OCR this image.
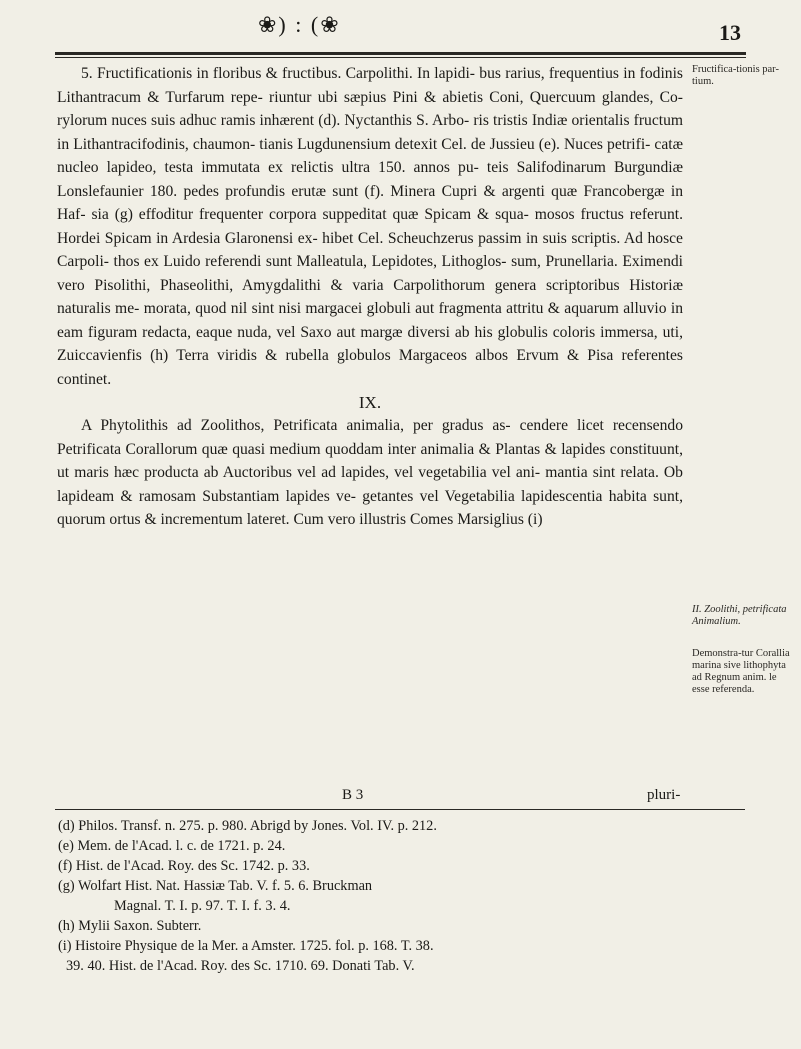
❀) : (❀	13

5. Fructificationis in floribus & fructibus. Carpolithi. In lapidi- bus rarius, frequentius in fodinis Lithantracum & Turfarum repe- riuntur ubi sæpius Pini & abietis Coni, Quercuum glandes, Co- rylorum nuces suis adhuc ramis inhærent (d). Nyctanthis S. Arbo- ris tristis Indiæ orientalis fructum in Lithantracifodinis, chaumon- tianis Lugdunensium detexit Cel. de Jussieu (e). Nuces petrifi- catæ nucleo lapideo, testa immutata ex relictis ultra 150. annos pu- teis Salifodinarum Burgundiæ Lonslefaunier 180. pedes profundis erutæ sunt (f). Minera Cupri & argenti quæ Francobergæ in Haf- sia (g) effoditur frequenter corpora suppeditat quæ Spicam & squa- mosos fructus referunt. Hordei Spicam in Ardesia Glaronensi ex- hibet Cel. Scheuchzerus passim in suis scriptis. Ad hosce Carpoli- thos ex Luido referendi sunt Malleatula, Lepidotes, Lithoglos- sum, Prunellaria. Eximendi vero Pisolithi, Phaseolithi, Amygdalithi & varia Carpolithorum genera scriptoribus Historiæ naturalis me- morata, quod nil sint nisi margacei globuli aut fragmenta attritu & aquarum alluvio in eam figuram redacta, eaque nuda, vel Saxo aut margæ diversi ab his globulis coloris immersa, uti, Zuiccavienfis (h) Terra viridis & rubella globulos Margaceos albos Ervum & Pisa referentes continet.

IX.

A Phytolithis ad Zoolithos, Petrificata animalia, per gradus as- cendere licet recensendo Petrificata Corallorum quæ quasi medium quoddam inter animalia & Plantas & lapides constituunt, ut maris hæc producta ab Auctoribus vel ad lapides, vel vegetabilia vel ani- mantia sint relata. Ob lapideam & ramosam Substantiam lapides ve- getantes vel Vegetabilia lapidescentia habita sunt, quorum ortus & incrementum lateret. Cum vero illustris Comes Marsiglius (i)

Fructifica-tionis par-tium.
II. Zoolithi, petrificata Animalium.
Demonstra-tur Corallia marina sive lithophyta ad Regnum anim. le esse referenda.
B 3	pluri-
(d) Philos. Transf. n. 275. p. 980. Abrigd by Jones. Vol. IV. p. 212.
(e) Mem. de l'Acad. l. c. de 1721. p. 24.
(f) Hist. de l'Acad. Roy. des Sc. 1742. p. 33.
(g) Wolfart Hist. Nat. Hassiæ Tab. V. f. 5. 6. Bruckman
Magnal. T. I. p. 97. T. I. f. 3. 4.
(h) Mylii Saxon. Subterr.
(i) Histoire Physique de la Mer. a Amster. 1725. fol. p. 168. T. 38.
39. 40. Hist. de l'Acad. Roy. des Sc. 1710. 69. Donati Tab. V.
